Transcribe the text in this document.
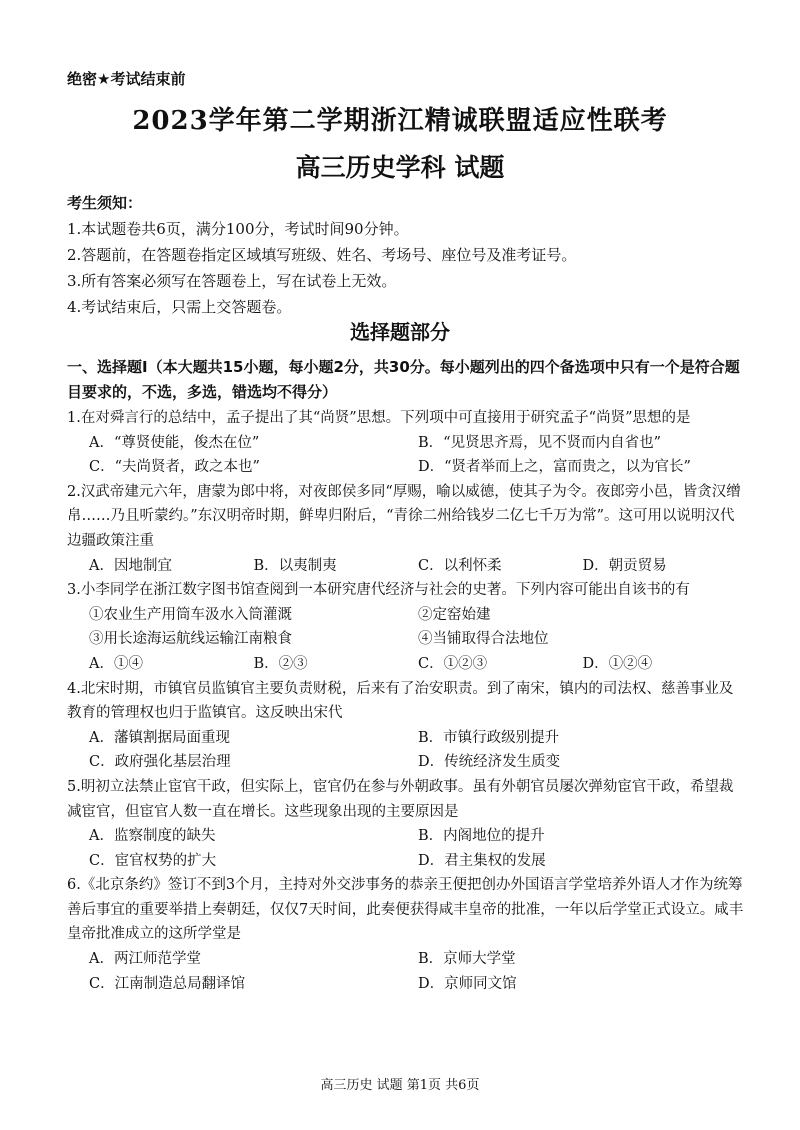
绝密★考试结束前
2023学年第二学期浙江精诚联盟适应性联考
高三历史学科 试题
考生须知：
1.本试题卷共6页，满分100分，考试时间90分钟。
2.答题前，在答题卷指定区域填写班级、姓名、考场号、座位号及准考证号。
3.所有答案必须写在答题卷上，写在试卷上无效。
4.考试结束后，只需上交答题卷。
选择题部分
一、选择题Ⅰ（本大题共15小题，每小题2分，共30分。每小题列出的四个备选项中只有一个是符合题目要求的，不选，多选，错选均不得分）

1.在对舜言行的总结中，孟子提出了其“尚贤”思想。下列项中可直接用于研究孟子“尚贤”思想的是

A．“尊贤使能，俊杰在位”	B．“见贤思齐焉，见不贤而内自省也”
C．“夫尚贤者，政之本也”	D．“贤者举而上之，富而贵之，以为官长”

2.汉武帝建元六年，唐蒙为郎中将，对夜郎侯多同“厚赐，喻以威德，使其子为令。夜郎旁小邑，皆贪汉缯帛……乃且听蒙约。”东汉明帝时期，鲜卑归附后，“青徐二州给钱岁二亿七千万为常”。这可用以说明汉代边疆政策注重

A．因地制宜	B．以夷制夷	C．以利怀柔	D．朝贡贸易

3.小李同学在浙江数字图书馆查阅到一本研究唐代经济与社会的史著。下列内容可能出自该书的有

①农业生产用筒车汲水入筒灌溉	②定窑始建
③用长途海运航线运输江南粮食	④当铺取得合法地位
A．①④	B．②③	C．①②③	D．①②④

4.北宋时期，市镇官员监镇官主要负责财税，后来有了治安职责。到了南宋，镇内的司法权、慈善事业及教育的管理权也归于监镇官。这反映出宋代

A．藩镇割据局面重现	B．市镇行政级别提升
C．政府强化基层治理	D．传统经济发生质变

5.明初立法禁止宦官干政，但实际上，宦官仍在参与外朝政事。虽有外朝官员屡次弹劾宦官干政，希望裁减宦官，但宦官人数一直在增长。这些现象出现的主要原因是

A．监察制度的缺失	B．内阁地位的提升
C．宦官权势的扩大	D．君主集权的发展

6.《北京条约》签订不到3个月，主持对外交涉事务的恭亲王便把创办外国语言学堂培养外语人才作为统筹善后事宜的重要举措上奏朝廷，仅仅7天时间，此奏便获得咸丰皇帝的批准，一年以后学堂正式设立。咸丰皇帝批准成立的这所学堂是

A．两江师范学堂	B．京师大学堂
C．江南制造总局翻译馆	D．京师同文馆
高三历史 试题 第1页 共6页
